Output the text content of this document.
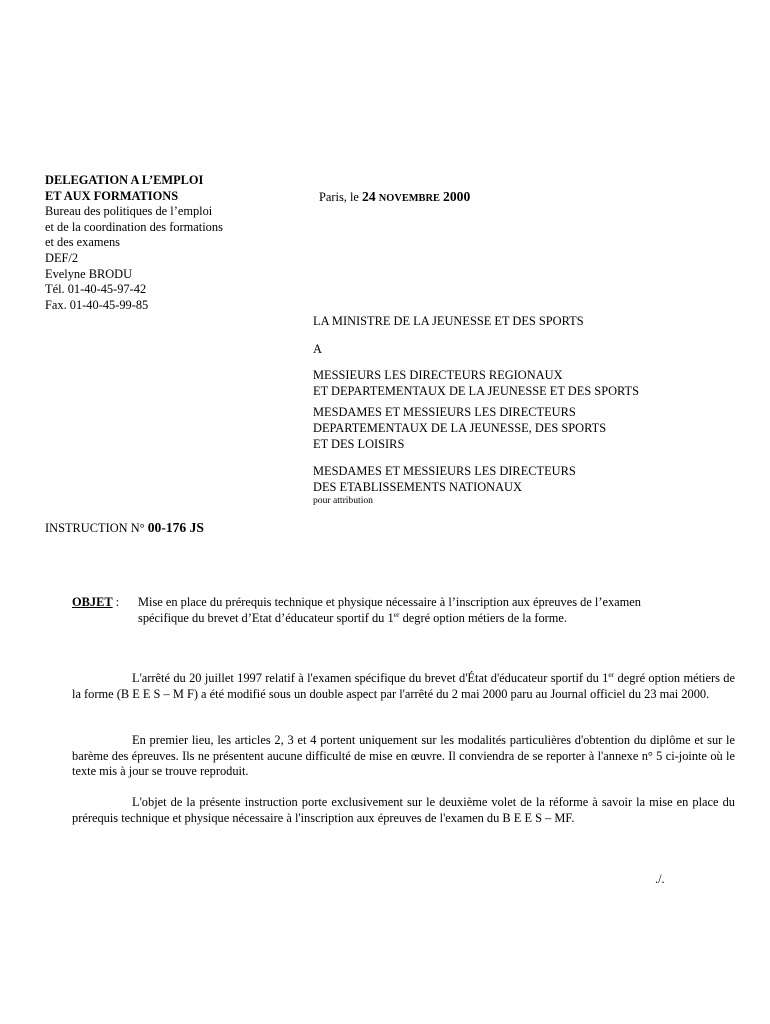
DELEGATION A L’EMPLOI
ET AUX FORMATIONS
Bureau des politiques de l’emploi
et de la coordination des formations
et des examens
DEF/2
Evelyne BRODU
Tél. 01-40-45-97-42
Fax. 01-40-45-99-85
Paris, le 24 NOVEMBRE 2000
LA MINISTRE DE LA JEUNESSE ET DES SPORTS
A
MESSIEURS LES DIRECTEURS REGIONAUX
ET DEPARTEMENTAUX DE LA JEUNESSE ET DES SPORTS
MESDAMES ET MESSIEURS LES DIRECTEURS
DEPARTEMENTAUX DE LA JEUNESSE, DES SPORTS
ET DES LOISIRS
MESDAMES ET MESSIEURS LES DIRECTEURS
DES ETABLISSEMENTS NATIONAUX
pour attribution
INSTRUCTION N° 00-176 JS
OBJET : Mise en place du prérequis technique et physique nécessaire à l’inscription aux épreuves de l’examen
spécifique du brevet d’Etat d’éducateur sportif du 1er degré option métiers de la forme.
L'arrêté du 20 juillet 1997 relatif à l'examen spécifique du brevet d'État d'éducateur sportif du 1er degré option métiers de la forme (B E E S – M F) a été modifié sous un double aspect par l'arrêté du 2 mai 2000 paru au Journal officiel du 23 mai 2000.
En premier lieu, les articles 2, 3 et 4 portent uniquement sur les modalités particulières d'obtention du diplôme et sur le barème des épreuves. Ils ne présentent aucune difficulté de mise en œuvre. Il conviendra de se reporter à l'annexe n° 5 ci-jointe où le texte mis à jour se trouve reproduit.
L'objet de la présente instruction porte exclusivement sur le deuxième volet de la réforme à savoir la mise en place du prérequis technique et physique nécessaire à l'inscription aux épreuves de l'examen du B E E S – MF.
./.
